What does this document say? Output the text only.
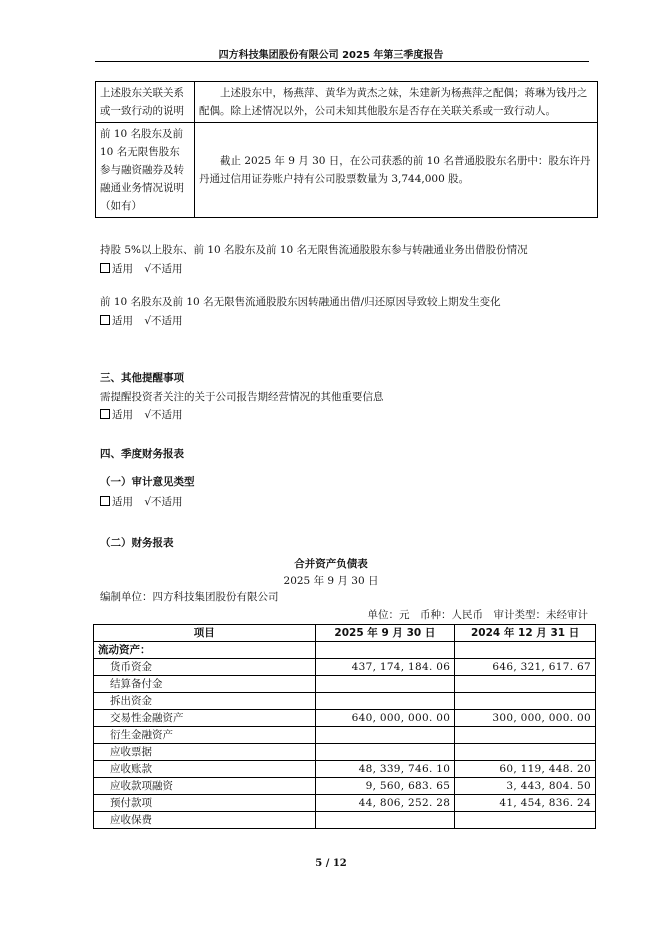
四方科技集团股份有限公司 2025 年第三季度报告
上述股东关联关系或一致行动的说明	上述股东中，杨燕萍、黄华为黄杰之妹，朱建新为杨燕萍之配偶；蒋琳为钱丹之配偶。除上述情况以外，公司未知其他股东是否存在关联关系或一致行动人。
前 10 名股东及前 10 名无限售股东参与融资融券及转融通业务情况说明（如有）	截止 2025 年 9 月 30 日，在公司获悉的前 10 名普通股股东名册中：股东许丹丹通过信用证券账户持有公司股票数量为 3,744,000 股。
持股 5%以上股东、前 10 名股东及前 10 名无限售流通股股东参与转融通业务出借股份情况
适用 √不适用
前 10 名股东及前 10 名无限售流通股股东因转融通出借/归还原因导致较上期发生变化
适用 √不适用
三、其他提醒事项
需提醒投资者关注的关于公司报告期经营情况的其他重要信息
适用 √不适用
四、季度财务报表
（一）审计意见类型
适用 √不适用
（二）财务报表
合并资产负债表
2025 年 9 月 30 日
编制单位：四方科技集团股份有限公司
单位：元　币种：人民币　审计类型：未经审计
项目	2025 年 9 月 30 日	2024 年 12 月 31 日
流动资产：		
货币资金	437, 174, 184. 06	646, 321, 617. 67
结算备付金		
拆出资金		
交易性金融资产	640, 000, 000. 00	300, 000, 000. 00
衍生金融资产		
应收票据		
应收账款	48, 339, 746. 10	60, 119, 448. 20
应收款项融资	9, 560, 683. 65	3, 443, 804. 50
预付款项	44, 806, 252. 28	41, 454, 836. 24
应收保费		
5 / 12
